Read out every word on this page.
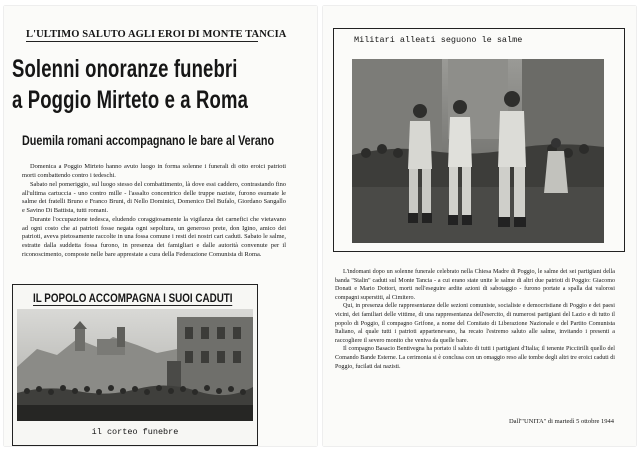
L'ULTIMO SALUTO AGLI EROI DI MONTE TANCIA
Solenni onoranze funebri
a Poggio Mirteto e a Roma
Duemila romani accompagnano le bare al Verano

Domenica a Poggio Mirteto hanno avuto luogo in forma solenne i funerali di otto eroici patrioti morti combattendo contro i tedeschi.

Sabato nel pomeriggio, sul luogo stesso del combattimento, là dove essi caddero, contrastando fino all'ultima cartuccia - uno contro mille - l'assalto concentrico delle truppe naziste, furono esumate le salme dei fratelli Bruno e Franco Bruni, di Nello Dominici, Domenico Del Bufalo, Giordano Sangallo e Savino Di Battista, tutti romani.

Durante l'occupazione tedesca, eludendo coraggiosamente la vigilanza dei carnefici che vietavano ad ogni costo che ai patrioti fosse negata ogni sepoltura, un generoso prete, don Igino, amico dei patrioti, aveva pietosamente raccolte in una fossa comune i resti dei nostri cari caduti. Sabato le salme, estratte dalla suddetta fossa furono, in presenza dei famigliari e dalle autorità convenute per il riconoscimento, composte nelle bare apprestate a cura della Federazione Comunista di Roma.

IL POPOLO ACCOMPAGNA I SUOI CADUTI
il corteo funebre
Militari alleati seguono le salme

L'indomani dopo un solenne funerale celebrato nella Chiesa Madre di Poggio, le salme dei sei partigiani della banda "Stalin" caduti sul Monte Tancia - a cui erano state unite le salme di altri due patrioti di Poggio: Giacomo Donati e Mario Dottori, morti nell'eseguire ardite azioni di sabotaggio - furono portate a spalla dai valorosi compagni superstiti, al Cimitero.

Qui, in presenza delle rappresentanze delle sezioni comuniste, socialiste e democristiane di Poggio e dei paesi vicini, dei familiari delle vittime, di una rappresentanza dell'esercito, di numerosi partigiani del Lazio e di tutto il popolo di Poggio, il compagno Grifone, a nome del Comitato di Liberazione Nazionale e del Partito Comunista Italiano, al quale tutti i patrioti appartenevano, ha recato l'estremo saluto alle salme, invitando i presenti a raccogliere il severo monito che veniva da quelle bare.

Il compagno Basacio Bentivegna ha portato il saluto di tutti i partigiani d'Italia; il tenente Picciirilli quello del Comando Bande Esterne. La cerimonia si è conclusa con un omaggio reso alle tombe degli altri tre eroici caduti di Poggio, fucilati dai nazisti.

Dall'"UNITA" di martedì 5 ottobre 1944
